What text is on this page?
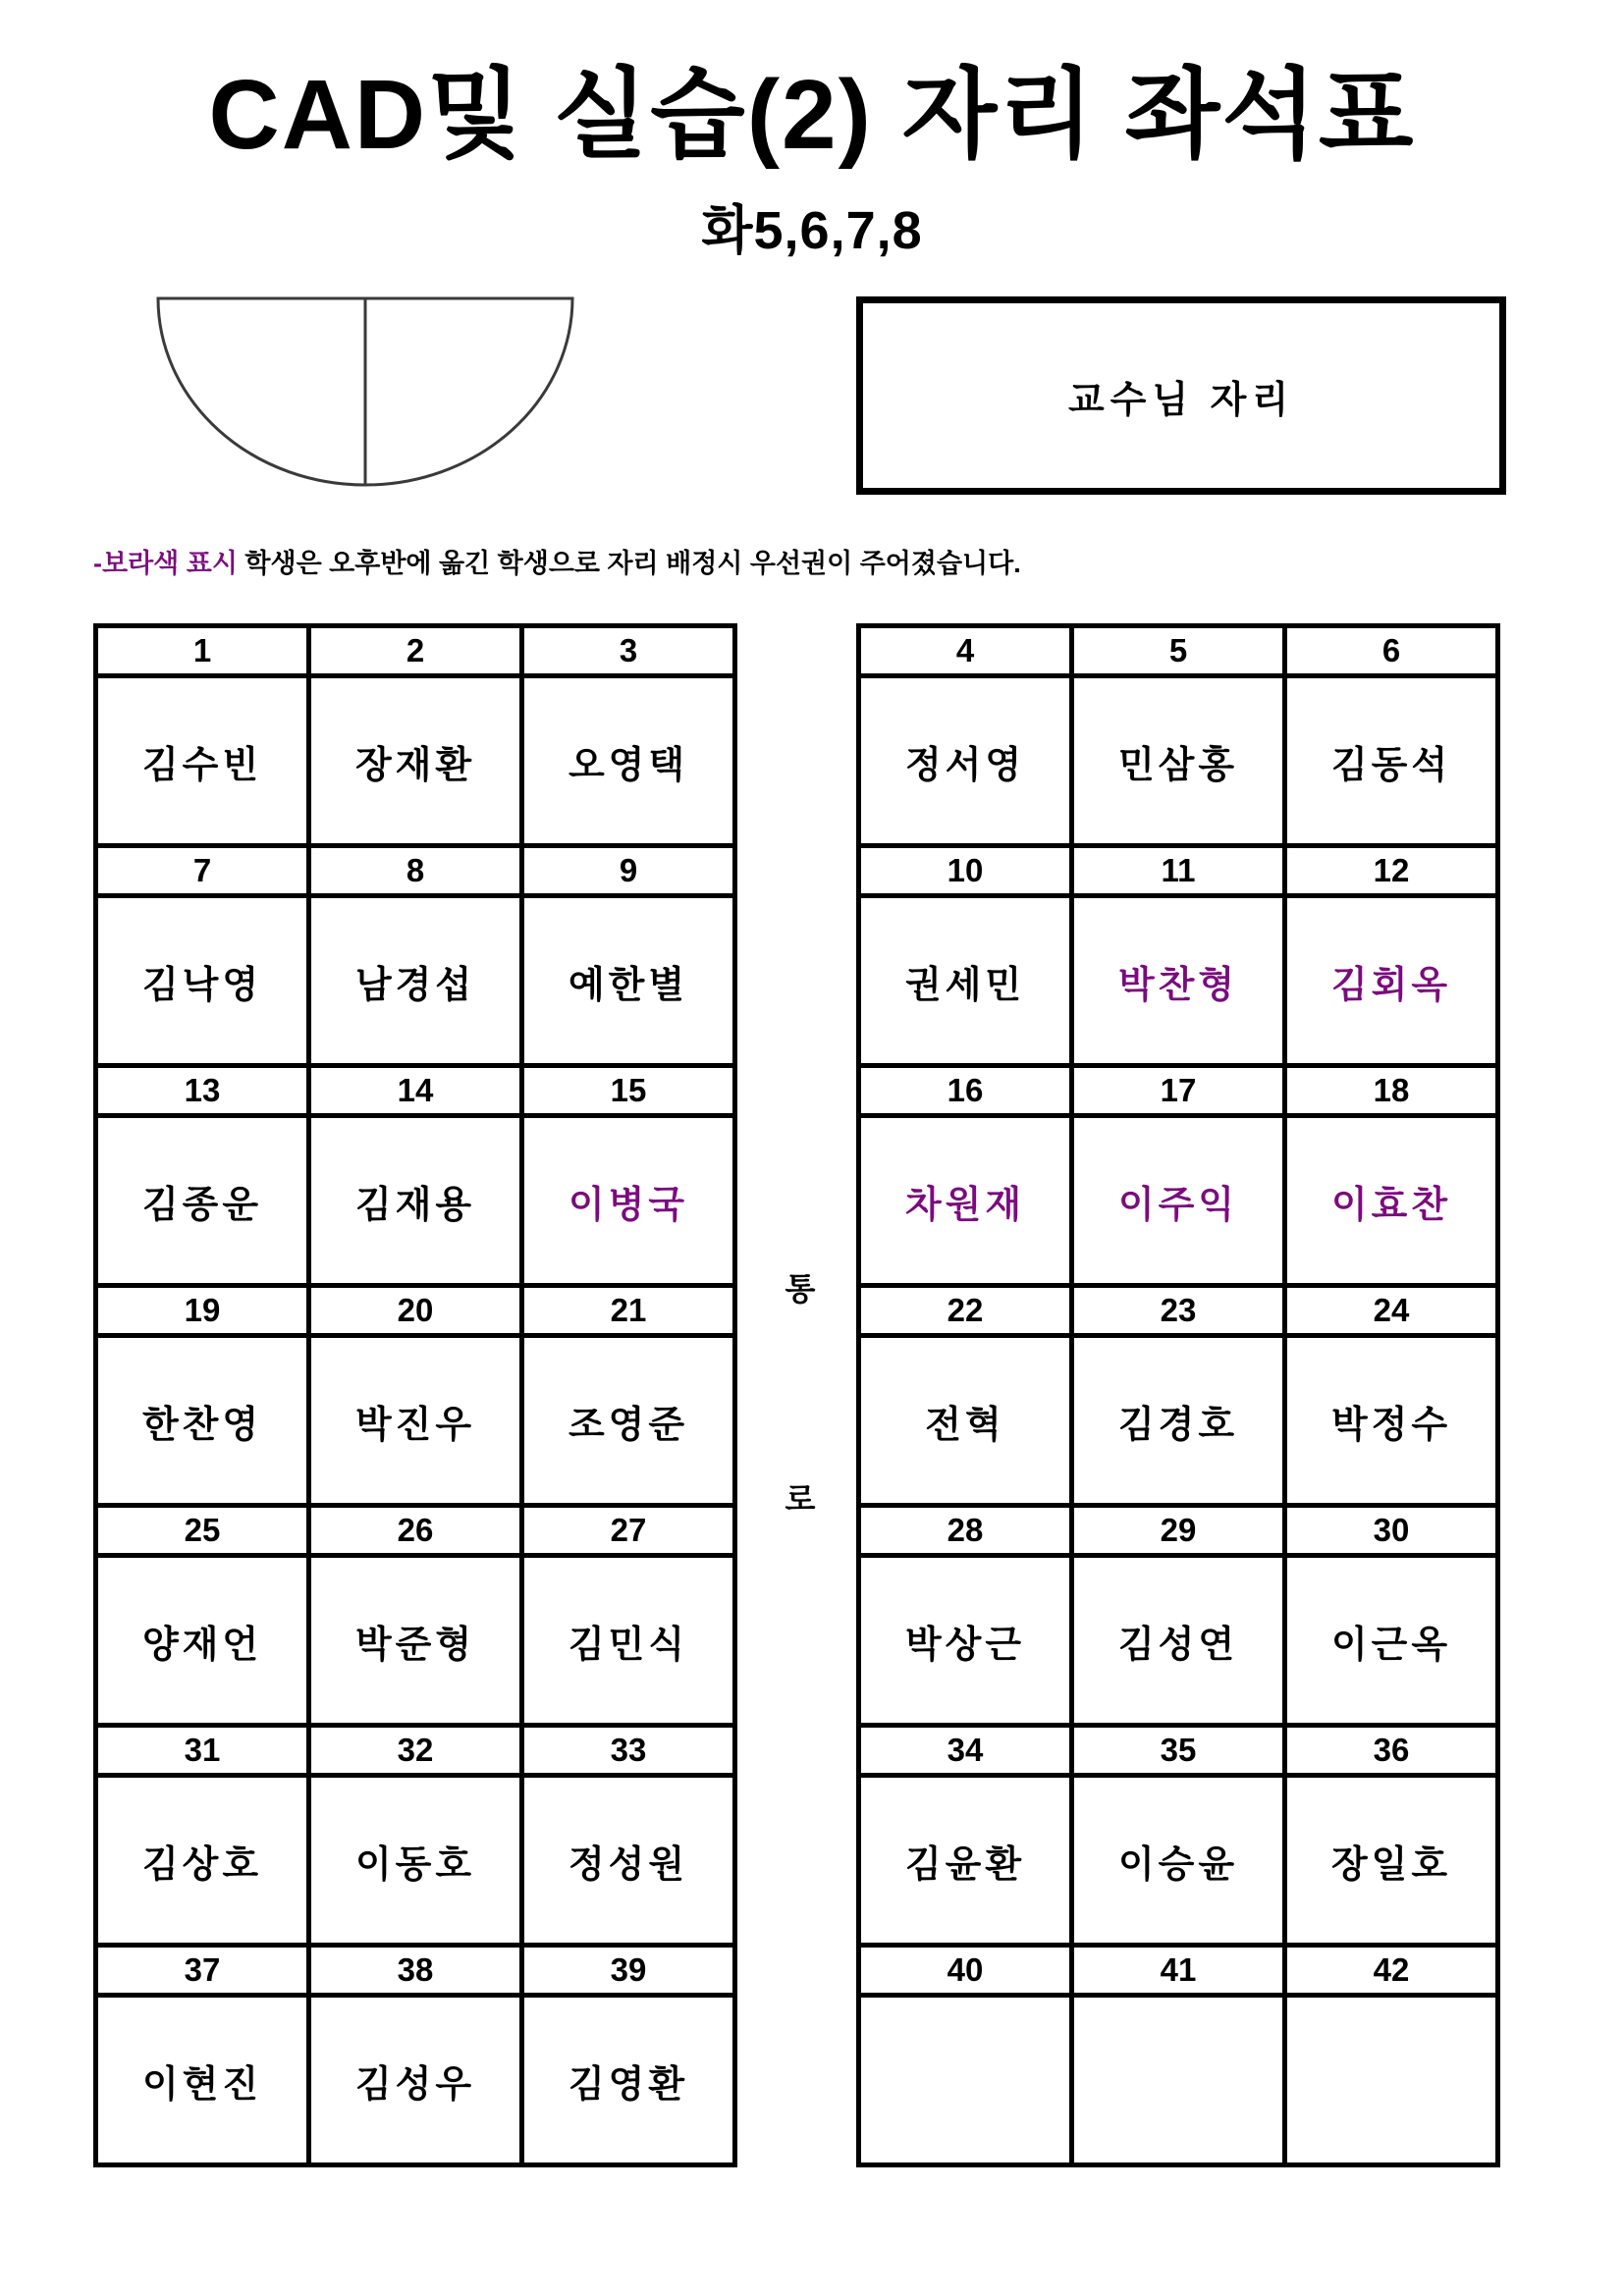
CAD및 실습(2) 자리 좌석표
화5,6,7,8
교수님 자리
-보라색 표시 학생은 오후반에 옮긴 학생으로 자리 배정시 우선권이 주어졌습니다.
1	2	3
김수빈	장재환	오영택
7	8	9
김낙영	남경섭	예한별
13	14	15
김종운	김재용	이병국
19	20	21
한찬영	박진우	조영준
25	26	27
양재언	박준형	김민식
31	32	33
김상호	이동호	정성원
37	38	39
이현진	김성우	김영환
통
로
4	5	6
정서영	민삼홍	김동석
10	11	12
권세민	박찬형	김회옥
16	17	18
차원재	이주익	이효찬
22	23	24
전혁	김경호	박정수
28	29	30
박상근	김성연	이근옥
34	35	36
김윤환	이승윤	장일호
40	41	42
